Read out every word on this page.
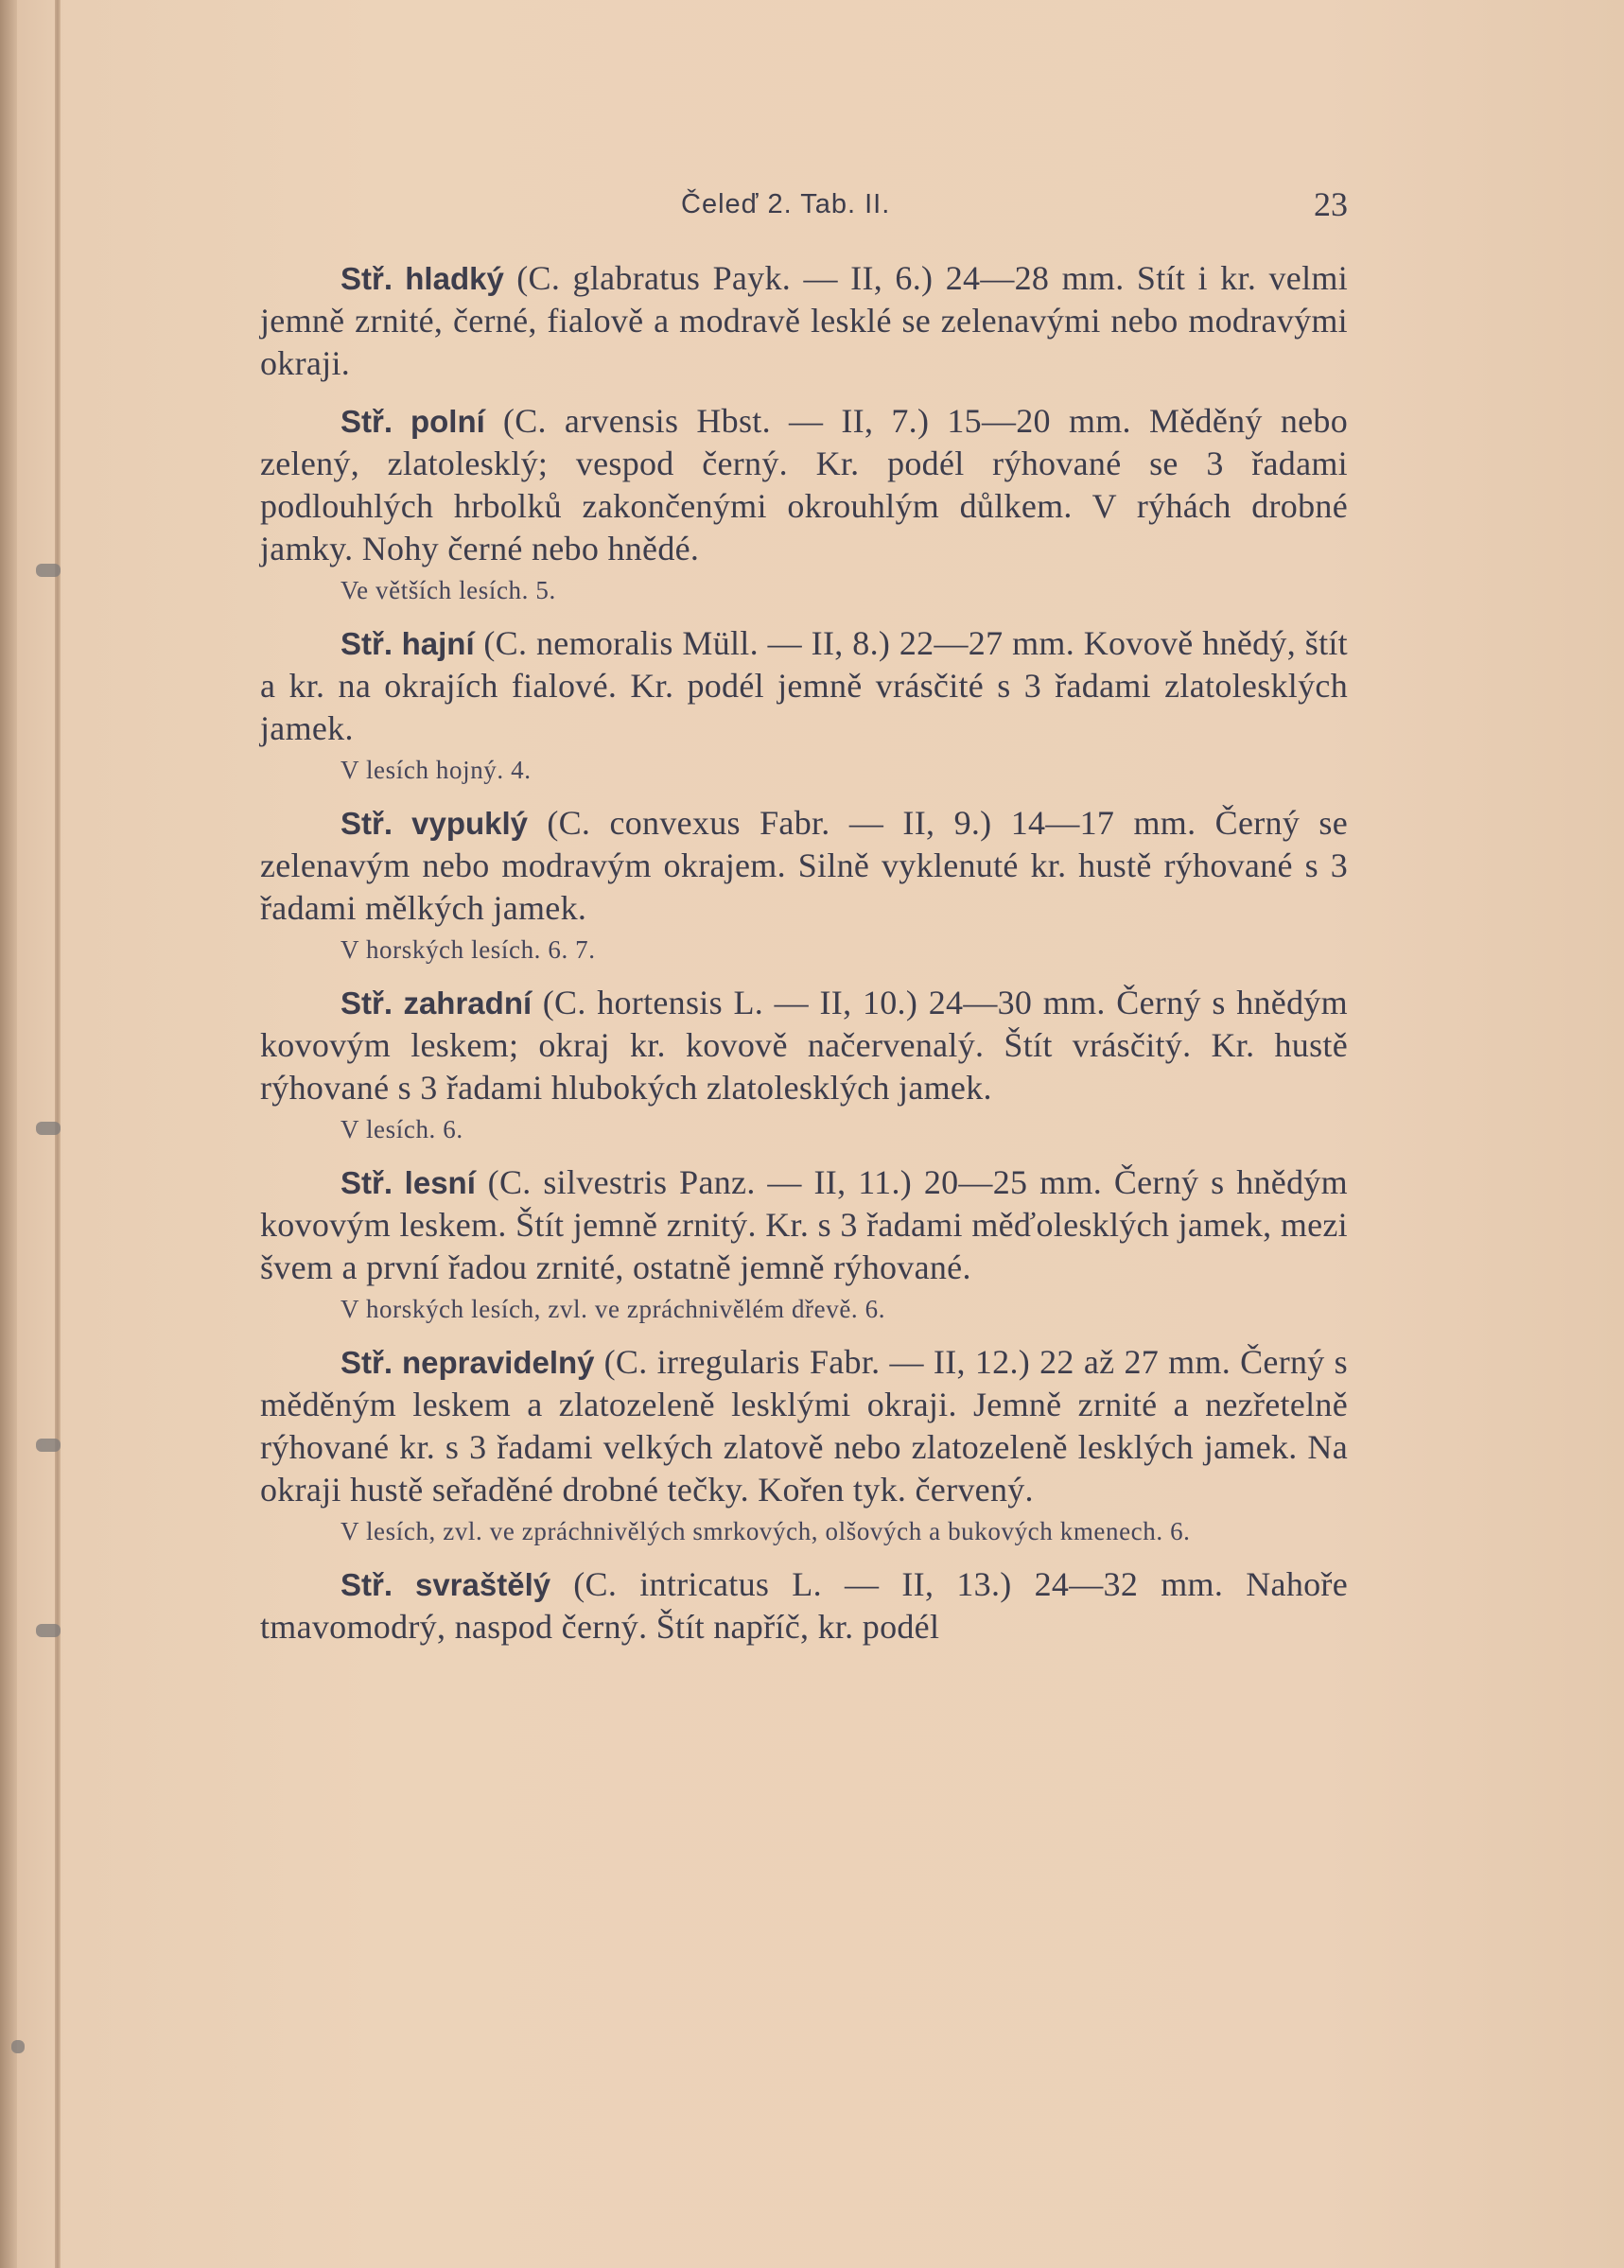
Čeleď 2. Tab. II.	23

Stř. hladký (C. glabratus Payk. — II, 6.) 24—28 mm. Stít i kr. velmi jemně zrnité, černé, fialově a modravě lesklé se zelenavými nebo modravými okraji.

Stř. polní (C. arvensis Hbst. — II, 7.) 15—20 mm. Měděný nebo zelený, zlatolesklý; vespod černý. Kr. podél rýhované se 3 řadami podlouhlých hrbolků zakončenými okrouhlým důlkem. V rýhách drobné jamky. Nohy černé nebo hnědé.

Ve větších lesích. 5.

Stř. hajní (C. nemoralis Müll. — II, 8.) 22—27 mm. Kovově hnědý, štít a kr. na okrajích fialové. Kr. podél jemně vrásčité s 3 řadami zlatolesklých jamek.

V lesích hojný. 4.

Stř. vypuklý (C. convexus Fabr. — II, 9.) 14—17 mm. Černý se zelenavým nebo modravým okrajem. Silně vyklenuté kr. hustě rýhované s 3 řadami mělkých jamek.

V horských lesích. 6. 7.

Stř. zahradní (C. hortensis L. — II, 10.) 24—30 mm. Černý s hnědým kovovým leskem; okraj kr. kovově načervenalý. Štít vrásčitý. Kr. hustě rýhované s 3 řadami hlubokých zlatolesklých jamek.

V lesích. 6.

Stř. lesní (C. silvestris Panz. — II, 11.) 20—25 mm. Černý s hnědým kovovým leskem. Štít jemně zrnitý. Kr. s 3 řadami měďolesklých jamek, mezi švem a první řadou zrnité, ostatně jemně rýhované.

V horských lesích, zvl. ve zpráchnivělém dřevě. 6.

Stř. nepravidelný (C. irregularis Fabr. — II, 12.) 22 až 27 mm. Černý s měděným leskem a zlatozeleně lesklými okraji. Jemně zrnité a nezřetelně rýhované kr. s 3 řadami velkých zlatově nebo zlatozeleně lesklých jamek. Na okraji hustě seřaděné drobné tečky. Kořen tyk. červený.

V lesích, zvl. ve zpráchnivělých smrkových, olšových a bukových kmenech. 6.

Stř. svraštělý (C. intricatus L. — II, 13.) 24—32 mm. Nahoře tmavomodrý, naspod černý. Štít napříč, kr. podél
